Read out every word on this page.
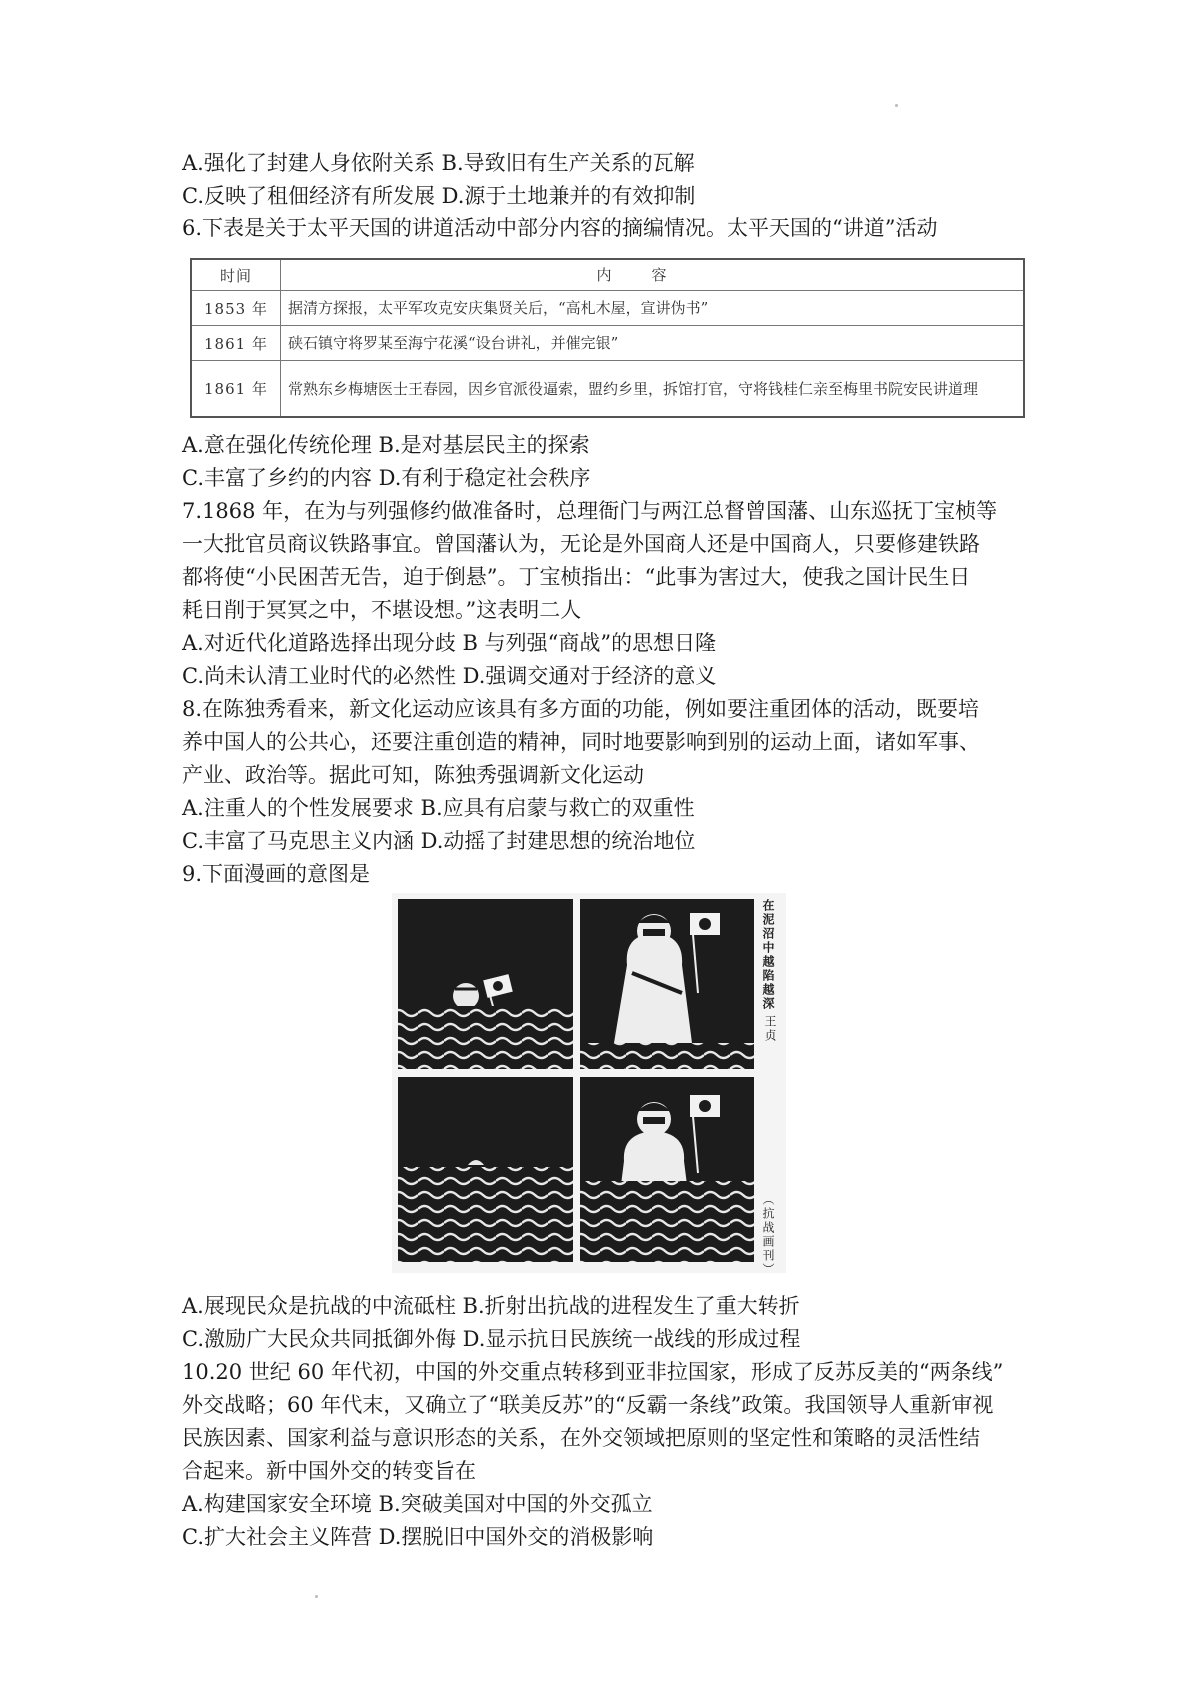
A.强化了封建人身依附关系 B.导致旧有生产关系的瓦解
C.反映了租佃经济有所发展 D.源于土地兼并的有效抑制
6.下表是关于太平天国的讲道活动中部分内容的摘编情况。太平天国的“讲道”活动
时间	内容
1853 年	据清方探报，太平军攻克安庆集贤关后，“高札木屋，宣讲伪书”
1861 年	硖石镇守将罗某至海宁花溪“设台讲礼，并催完银”
1861 年	常熟东乡梅塘医士王春园，因乡官派役逼索，盟约乡里，拆馆打官，守将钱桂仁亲至梅里书院安民讲道理
A.意在强化传统伦理 B.是对基层民主的探索
C.丰富了乡约的内容 D.有利于稳定社会秩序
7.1868 年，在为与列强修约做准备时，总理衙门与两江总督曾国藩、山东巡抚丁宝桢等
一大批官员商议铁路事宜。曾国藩认为，无论是外国商人还是中国商人，只要修建铁路
都将使“小民困苦无告，迫于倒悬”。丁宝桢指出：“此事为害过大，使我之国计民生日
耗日削于冥冥之中，不堪设想。”这表明二人
A.对近代化道路选择出现分歧 B 与列强“商战”的思想日隆
C.尚未认清工业时代的必然性 D.强调交通对于经济的意义
8.在陈独秀看来，新文化运动应该具有多方面的功能，例如要注重团体的活动，既要培
养中国人的公共心，还要注重创造的精神，同时地要影响到别的运动上面，诸如军事、
产业、政治等。据此可知，陈独秀强调新文化运动
A.注重人的个性发展要求 B.应具有启蒙与救亡的双重性
C.丰富了马克思主义内涵 D.动摇了封建思想的统治地位
9.下面漫画的意图是
在泥沼中越陷越深
王贞
（抗战画刊）
A.展现民众是抗战的中流砥柱 B.折射出抗战的进程发生了重大转折
C.激励广大民众共同抵御外侮 D.显示抗日民族统一战线的形成过程
10.20 世纪 60 年代初，中国的外交重点转移到亚非拉国家，形成了反苏反美的“两条线”
外交战略；60 年代末，又确立了“联美反苏”的“反霸一条线”政策。我国领导人重新审视
民族因素、国家利益与意识形态的关系，在外交领域把原则的坚定性和策略的灵活性结
合起来。新中国外交的转变旨在
A.构建国家安全环境 B.突破美国对中国的外交孤立
C.扩大社会主义阵营 D.摆脱旧中国外交的消极影响
